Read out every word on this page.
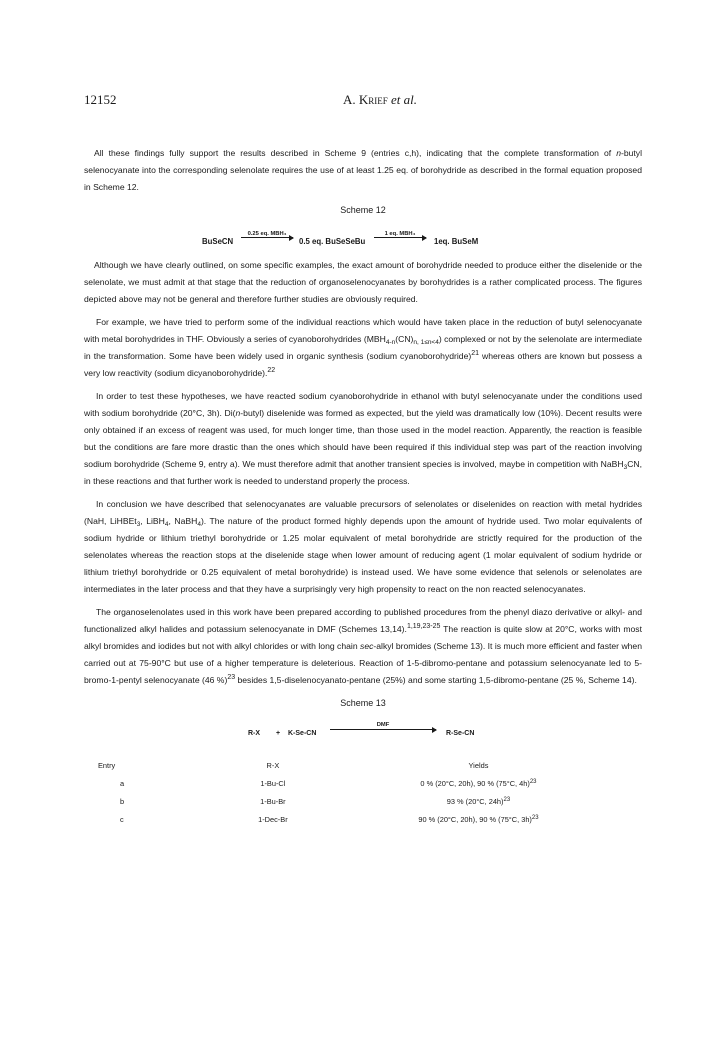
12152	A. Krief et al.

All these findings fully support the results described in Scheme 9 (entries c,h), indicating that the complete transformation of n-butyl selenocyanate into the corresponding selenolate requires the use of at least 1.25 eq. of borohydride as described in the formal equation proposed in Scheme 12.

Scheme 12
BuSeCN
0.25 eq. MBH₄
0.5 eq. BuSeSeBu
1 eq. MBH₄
1eq. BuSeM

Although we have clearly outlined, on some specific examples, the exact amount of borohydride needed to produce either the diselenide or the selenolate, we must admit at that stage that the reduction of organoselenocyanates by borohydrides is a rather complicated process. The figures depicted above may not be general and therefore further studies are obviously required.

For example, we have tried to perform some of the individual reactions which would have taken place in the reduction of butyl selenocyanate with metal borohydrides in THF. Obviously a series of cyanoborohydrides $(MBH_{4-n}(CN)_{n, 1\le n<4})$ complexed or not by the selenolate are intermediate in the transformation. Some have been widely used in organic synthesis (sodium cyanoborohydride)$^{21}$ whereas others are known but possess a very low reactivity (sodium dicyanoborohydride).$^{22}$

In order to test these hypotheses, we have reacted sodium cyanoborohydride in ethanol with butyl selenocyanate under the conditions used with sodium borohydride (20°C, 3h). Di(n-butyl) diselenide was formed as expected, but the yield was dramatically low (10%). Decent results were only obtained if an excess of reagent was used, for much longer time, than those used in the model reaction. Apparently, the reaction is feasible but the conditions are fare more drastic than the ones which should have been required if this individual step was part of the reaction involving sodium borohydride (Scheme 9, entry a). We must therefore admit that another transient species is involved, maybe in competition with NaBH$_3$CN, in these reactions and that further work is needed to understand properly the process.

In conclusion we have described that selenocyanates are valuable precursors of selenolates or diselenides on reaction with metal hydrides (NaH, LiHBEt$_3$, LiBH$_4$, NaBH$_4$). The nature of the product formed highly depends upon the amount of hydride used. Two molar equivalents of sodium hydride or lithium triethyl borohydride or 1.25 molar equivalent of metal borohydride are strictly required for the production of the selenolates whereas the reaction stops at the diselenide stage when lower amount of reducing agent (1 molar equivalent of sodium hydride or lithium triethyl borohydride or 0.25 equivalent of metal borohydride) is instead used. We have some evidence that selenols or selenolates are intermediates in the later process and that they have a surprisingly very high propensity to react on the non reacted selenocyanates.

The organoselenolates used in this work have been prepared according to published procedures from the phenyl diazo derivative or alkyl- and functionalized alkyl halides and potassium selenocyanate in DMF (Schemes 13,14).$^{1,19,23-25}$ The reaction is quite slow at 20°C, works with most alkyl bromides and iodides but not with alkyl chlorides or with long chain sec-alkyl bromides (Scheme 13). It is much more efficient and faster when carried out at 75-90°C but use of a higher temperature is deleterious. Reaction of 1-5-dibromo-pentane and potassium selenocyanate led to 5-bromo-1-pentyl selenocyanate (46 %)$^{23}$ besides 1,5-diselenocyanato-pentane (25%) and some starting 1,5-dibromo-pentane (25 %, Scheme 14).

Scheme 13
R-X + K-Se-CN
DMF
R-Se-CN
Entry	R-X	Yields
a	1-Bu-Cl	0 % (20°C, 20h), 90 % (75°C, 4h)$^{23}$
b	1-Bu-Br	93 % (20°C, 24h)$^{23}$
c	1-Dec-Br	90 % (20°C, 20h), 90 % (75°C, 3h)$^{23}$
